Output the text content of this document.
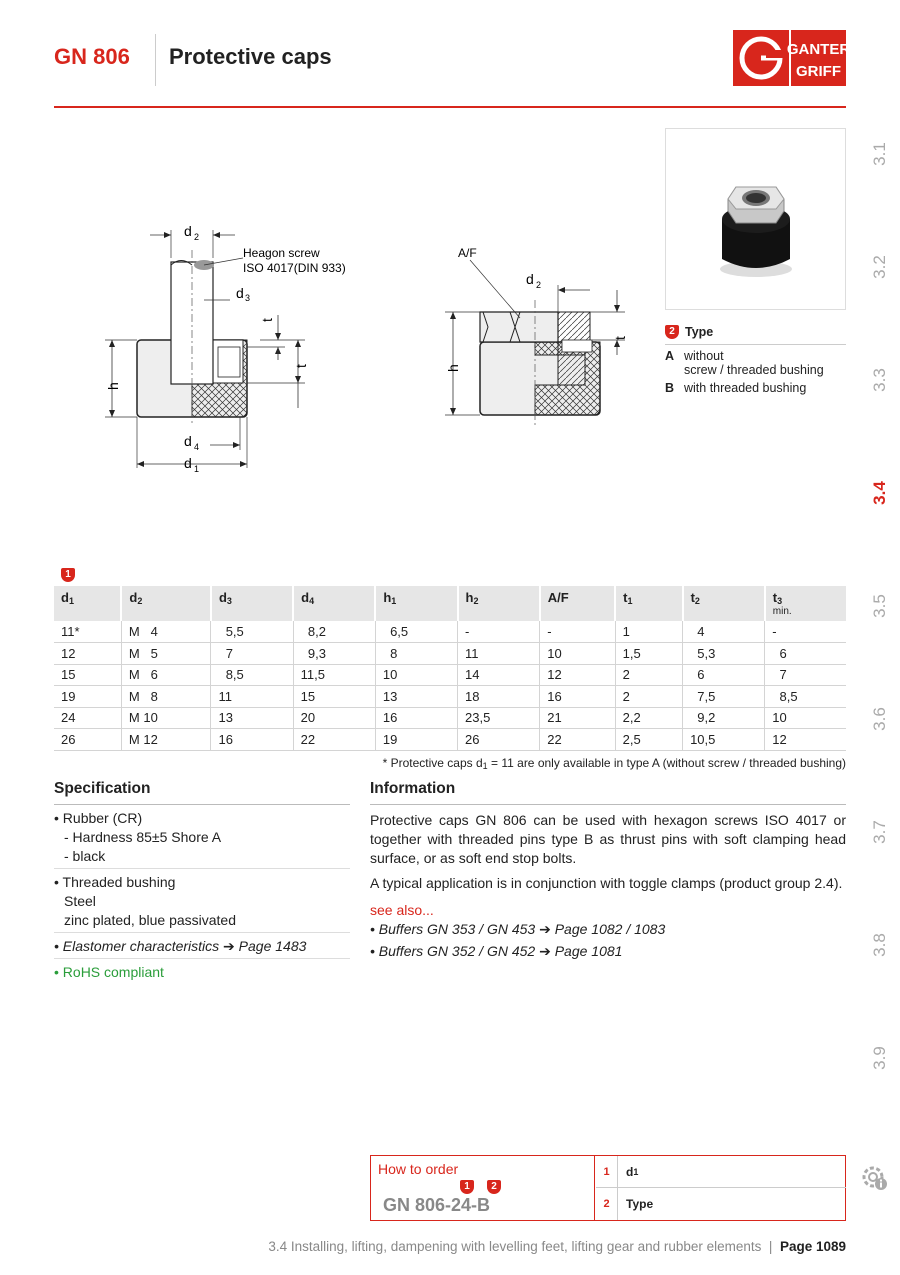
GN 806 Protective caps	GANTER
GRIFF
3.1
3.2
3.3
3.4
3.5
3.6
3.7
3.8
3.9
d 2
Heagon screw
ISO 4017(DIN 933)
d 3
t
t
h
d 4
d 1
A/F
d 2
t
h
2 Type
A without
screw / threaded bushing
B with threaded bushing
1
$d_1$	$d_2$	$d_3$	$d_4$	$h_1$	$h_2$	A/F	$t_1$	$t_2$	$t_3$
min.

11*	M   4	5,5	8,2	6,5	-	-	1	4	-
12	M   5	7	9,3	8	11	10	1,5	5,3	6
15	M   6	8,5	11,5	10	14	12	2	6	7
19	M   8	11	15	13	18	16	2	7,5	8,5
24	M 10	13	20	16	23,5	21	2,2	9,2	10
26	M 12	16	22	19	26	22	2,5	10,5	12
* Protective caps $d_1 = 11$ are only available in type A (without screw / threaded bushing)
Specification
• Rubber (CR)
- Hardness 85±5 Shore A
- black
• Threaded bushing
Steel
zinc plated, blue passivated
• Elastomer characteristics ➔ Page 1483
• RoHS compliant
Information

Protective caps GN 806 can be used with hexagon screws ISO 4017 or together with threaded pins type B as thrust pins with soft clamping head surface, or as soft end stop bolts.

A typical application is in conjunction with toggle clamps (product group 2.4).

see also...
• Buffers GN 353 / GN 453 ➔ Page 1082 / 1083
• Buffers GN 352 / GN 452 ➔ Page 1081
How to order
1	2
GN 806-24-B
1	d 1
2	Type
3.4 Installing, lifting, dampening with levelling feet, lifting gear and rubber elements  |  Page 1089
